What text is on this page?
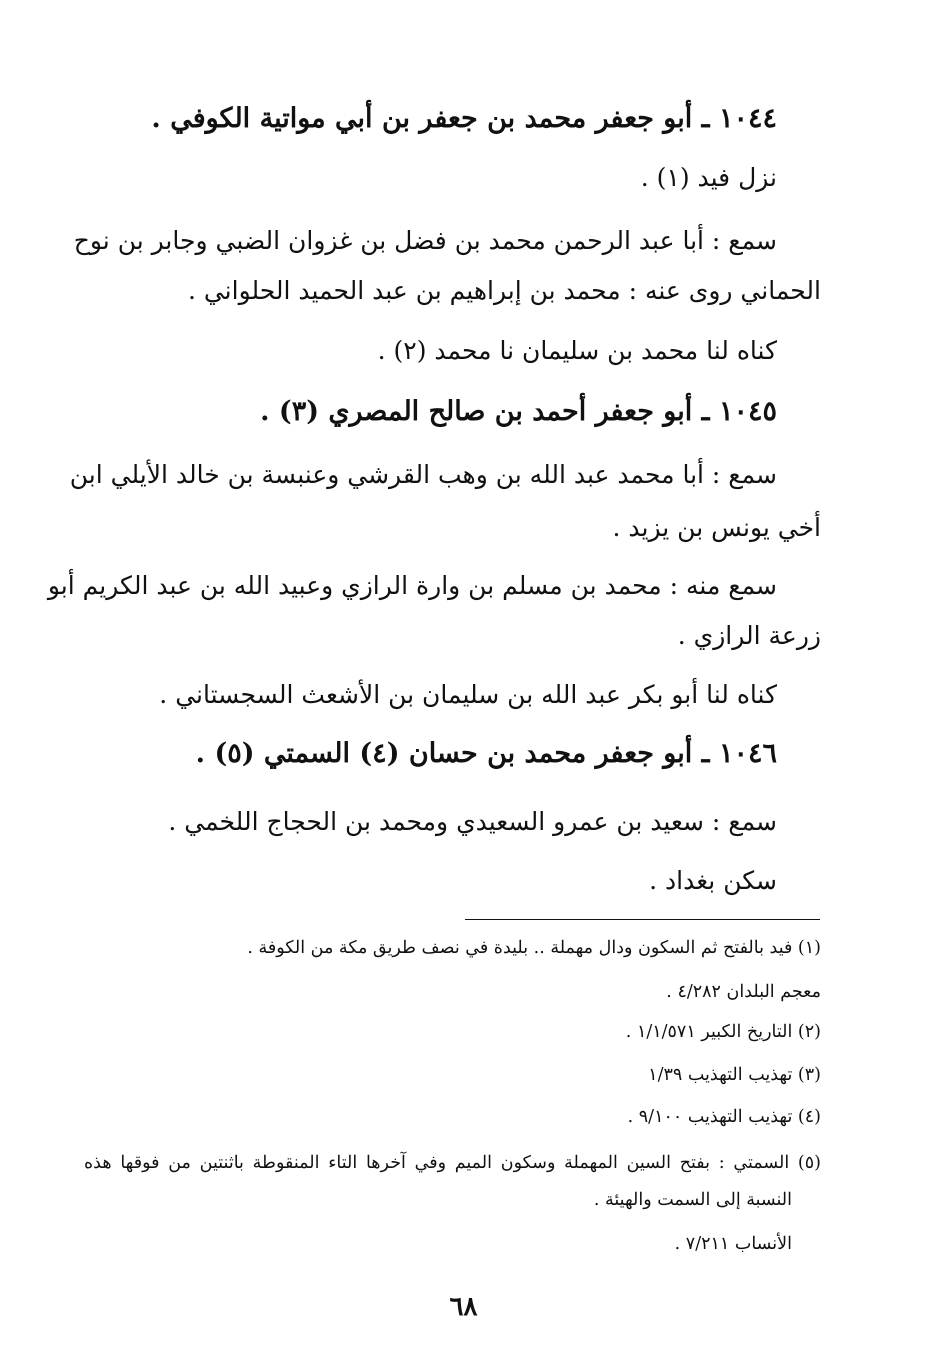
١٠٤٤ ـ أبو جعفر محمد بن جعفر بن أبي مواتية الكوفي .
نزل فيد (١) .
سمع : أبا عبد الرحمن محمد بن فضل بن غزوان الضبي وجابر بن نوح
الحماني روى عنه : محمد بن إبراهيم بن عبد الحميد الحلواني .
كناه لنا محمد بن سليمان نا محمد (٢) .
١٠٤٥ ـ أبو جعفر أحمد بن صالح المصري (٣) .
سمع : أبا محمد عبد الله بن وهب القرشي وعنبسة بن خالد الأيلي ابن
أخي يونس بن يزيد .
سمع منه : محمد بن مسلم بن وارة الرازي وعبيد الله بن عبد الكريم أبو
زرعة الرازي .
كناه لنا أبو بكر عبد الله بن سليمان بن الأشعث السجستاني .
١٠٤٦ ـ أبو جعفر محمد بن حسان (٤) السمتي (٥) .
سمع : سعيد بن عمرو السعيدي ومحمد بن الحجاج اللخمي .
سكن بغداد .
(١) فيد بالفتح ثم السكون ودال مهملة .. بليدة في نصف طريق مكة من الكوفة .
معجم البلدان ٤/٢٨٢ .
(٢) التاريخ الكبير ١/١/٥٧١ .
(٣) تهذيب التهذيب ١/٣٩
(٤) تهذيب التهذيب ٩/١٠٠ .
(٥) السمتي : بفتح السين المهملة وسكون الميم وفي آخرها التاء المنقوطة باثنتين من فوقها هذه
النسبة إلى السمت والهيئة .
الأنساب ٧/٢١١ .
٦٨
